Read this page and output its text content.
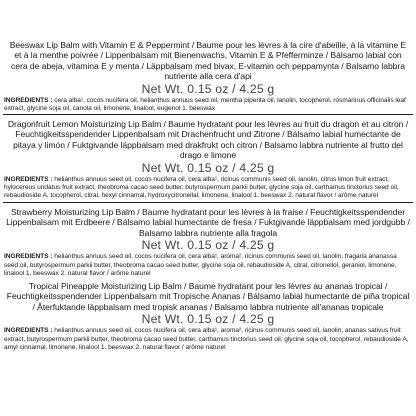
Beeswax Lip Balm with Vitamin E & Peppermint / Baume pour les lèvres à la cire d'abeille, à la vitamine E et à la menthe poivrée / Lippenbalsam mit Bienenwachs, Vitamin E & Pfefferminze / Bálsamo labial con cera de abeja, vitamina E y menta / Läppbalsam med bivax, E-vitamin och peppamynta / Balsamo labbra nutriente alla cera d'api
Net Wt. 0.15 oz / 4.25 g
INGREDIENTS : cera alba¹, cocos nucifera oil, helianthus annuus seed oil, mentha piperita oil, lanolin, tocopherol, rosmarinus officinalis leaf extract, glycine soja oil, canola oil, limonene, linalool, eugenol 1. beeswax
Dragonfruit Lemon Moisturizing Lip Balm / Baume hydratant pour les lèvres au fruit du dragon et au citron / Feuchtigkeitsspendender Lippenbalsam mit Drachenfrucht und Zitrone / Bálsamo labial humectante de pitaya y limón / Fuktgivande läppbalsam med drakfrukt och citron / Balsamo labbra nutriente al frutto del drago e limone
Net Wt. 0.15 oz / 4.25 g
INGREDIENTS : helianthus annuus seed oil, cocos nucifera oil, cera alba¹, ricinus communis seed oil, lanolin, citrus limon fruit extract, hylocereus undatus fruit extract, theobroma cacao seed butter, butyrospermum parkii butter, glycine soja oil, carthamus tinctorius seed oil, rebaudioside A, tocopherol, citral, hexyl cinnamal, hydroxycitronellal, limonene, linalool 1. beeswax 2. natural flavor / arôme naturel
Strawberry Moisturizing Lip Balm / Baume hydratant pour les lèvres à la fraise / Feuchtigkeitsspendender Lippenbalsam mit Erdbeere / Bálsamo labial humectante de fresa / Fuktgivande läppbalsam med jordgubb / Balsamo labbra nutriente alla fragola
Net Wt. 0.15 oz / 4.25 g
INGREDIENTS : helianthus annuus seed oil, cocos nucifera oil, cera alba¹, aroma², ricinus communis seed oil, lanolin, fragaria ananassa seed oil, butyrospermum parkii butter, theobroma cacao seed butter, glycine soja oil, rebaudioside A, citral, citronellol, geraniol, limonene, linalool 1. beeswax 2. natural flavor / arôme naturel
Tropical Pineapple Moisturizing Lip Balm / Baume hydratant pour les lèvres au ananas tropical / Feuchtigkeitsspendender Lippenbalsam mit Tropische Ananas / Bálsamo labial humectante de piña tropical / Återfuktande läppbalsam med tropisk ananas / Balsamo labbra nutriente all'ananas tropicale
Net Wt. 0.15 oz / 4.25 g
INGREDIENTS : helianthus annuus seed oil, cocos nucifera oil, cera alba¹, aroma², ricinus communis seed oil, lanolin, ananas sativus fruit extract, butyrospermum parkii butter, theobroma cacao seed butter, carthamus tinctorius seed oil, glycine soja oil, tocopherol, rebaudioside A, amyl cinnamal, limonene, linalool 1. beeswax 2. natural flavor / arôme naturel
